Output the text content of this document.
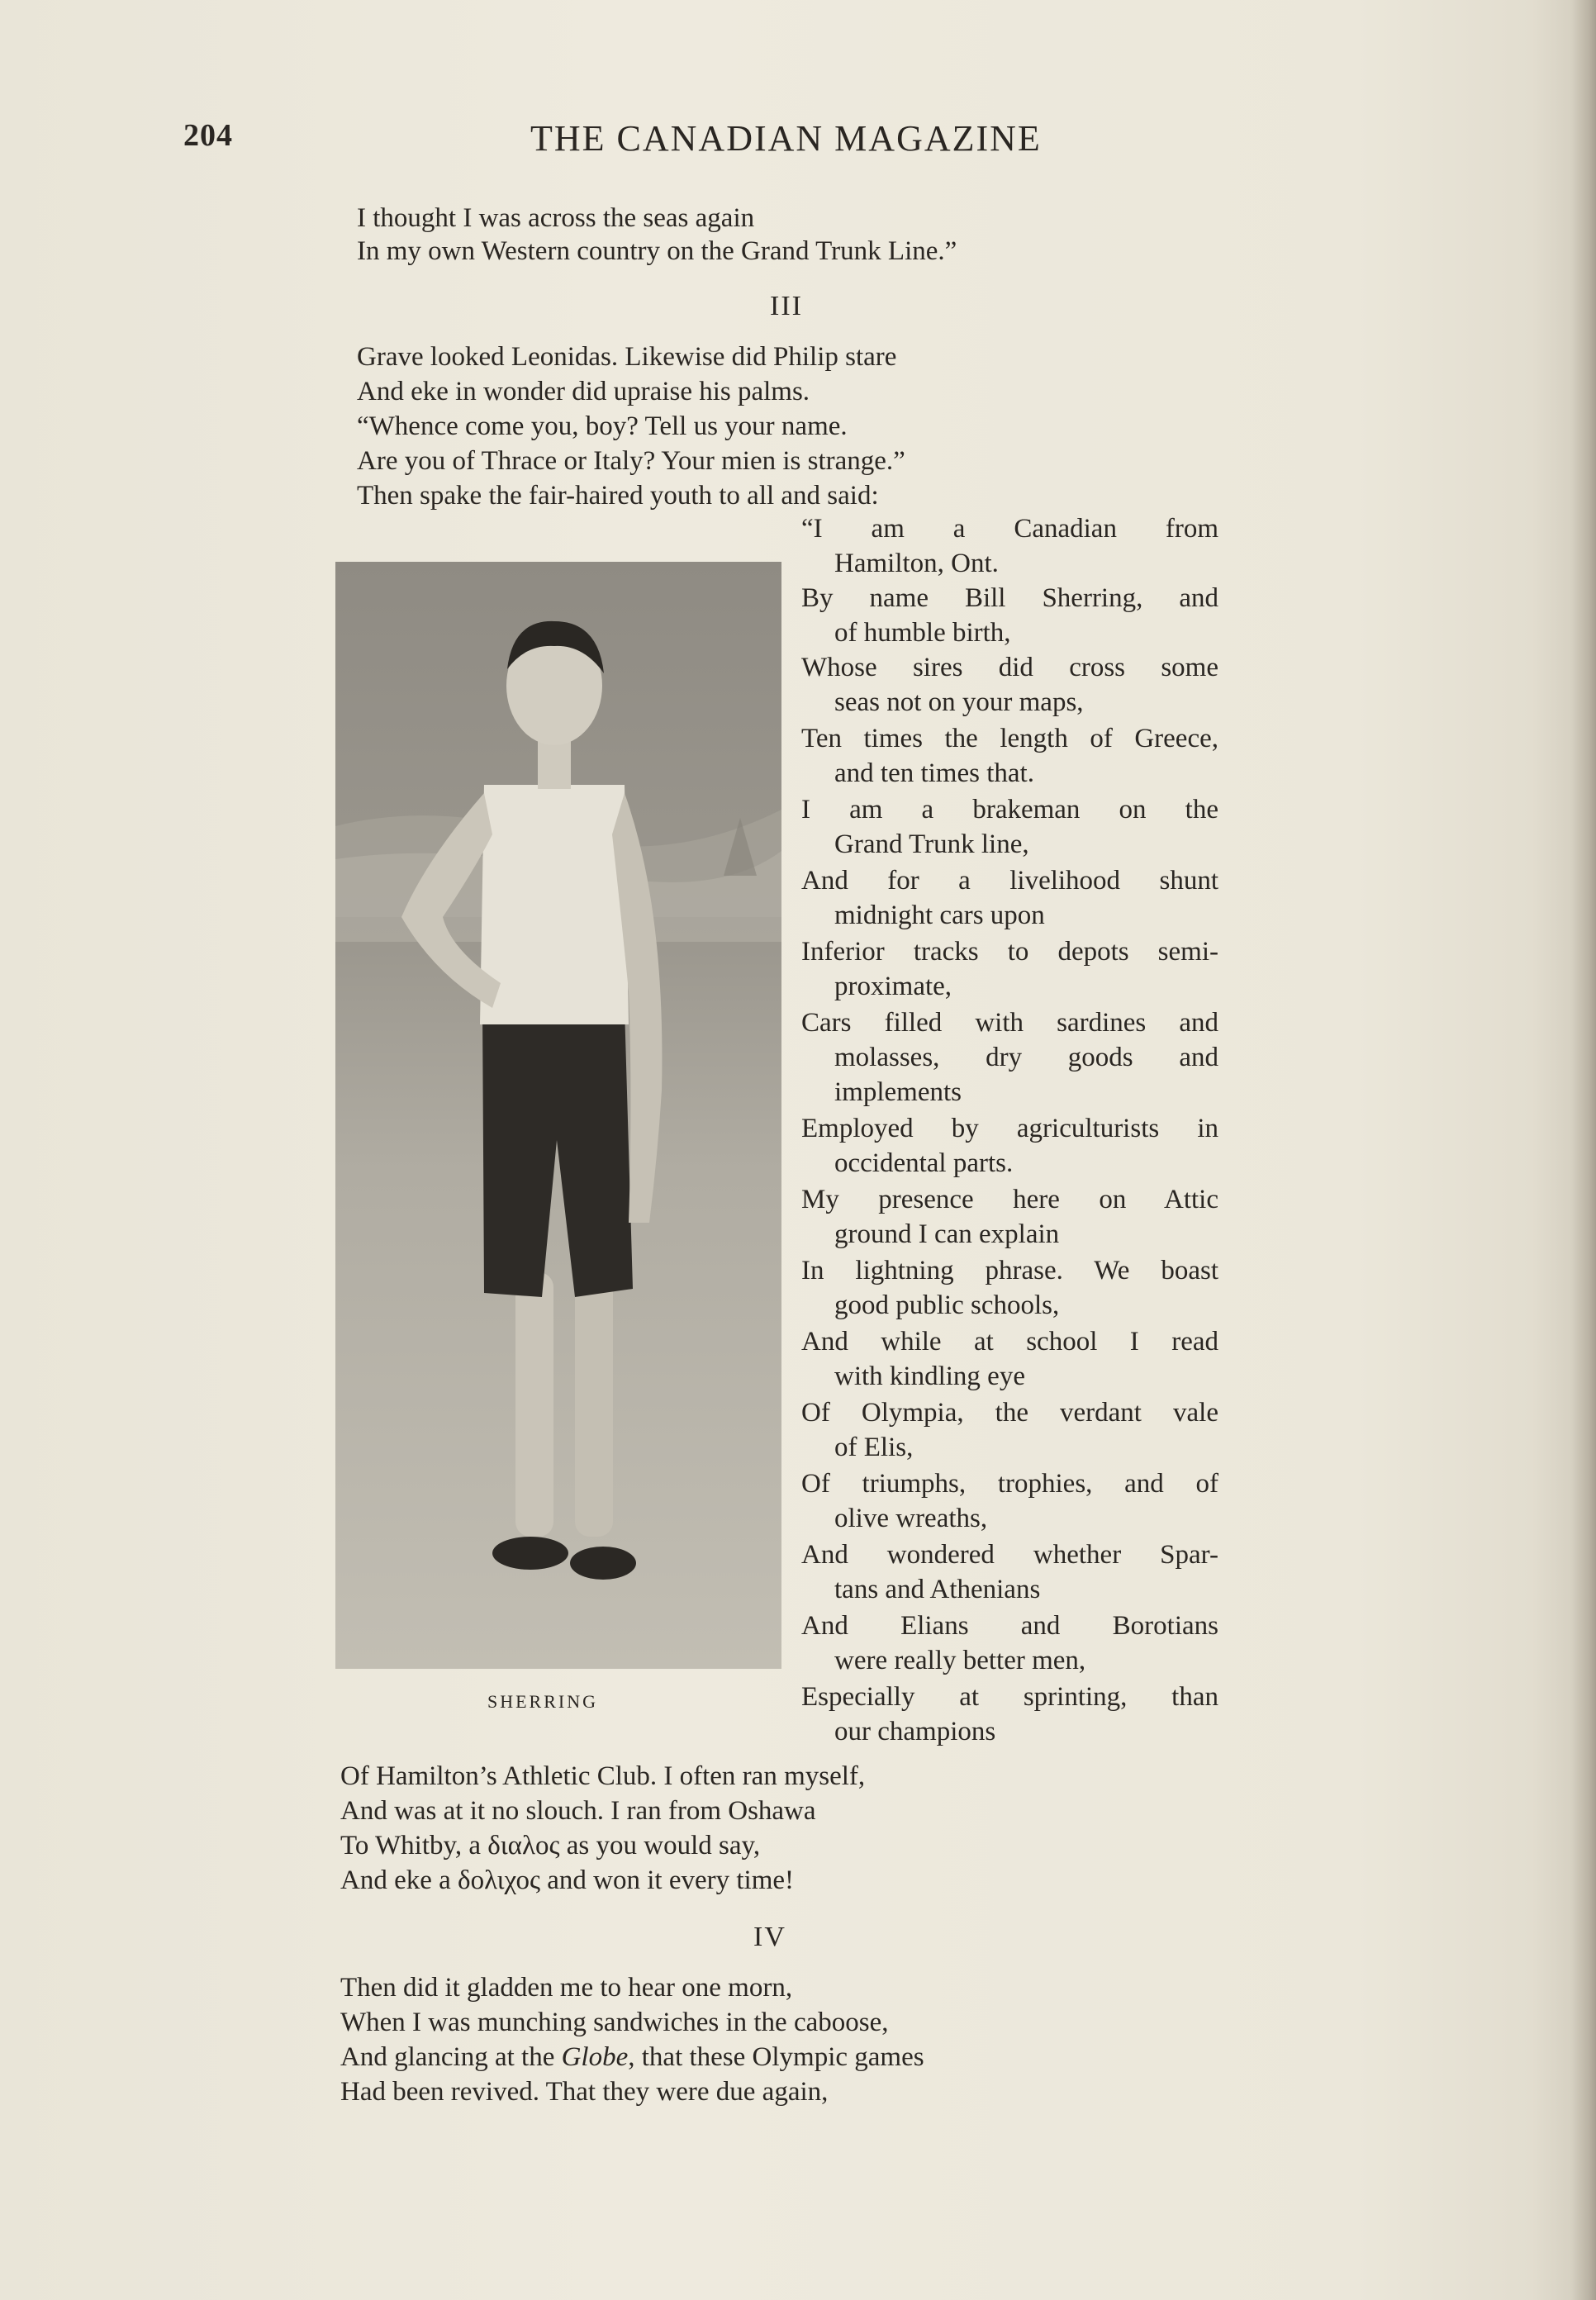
204	THE CANADIAN MAGAZINE
I thought I was across the seas again
In my own Western country on the Grand Trunk Line.”
III
Grave looked Leonidas. Likewise did Philip stare
And eke in wonder did upraise his palms.
“Whence come you, boy? Tell us your name.
Are you of Thrace or Italy? Your mien is strange.”
Then spake the fair-haired youth to all and said:
SHERRING
“I am a Canadian from
Hamilton, Ont.
By name Bill Sherring, and
of humble birth,
Whose sires did cross some
seas not on your maps,
Ten times the length of Greece,
and ten times that.
I am a brakeman on the
Grand Trunk line,
And for a livelihood shunt
midnight cars upon
Inferior tracks to depots semi-
proximate,
Cars filled with sardines and
molasses, dry goods and
implements
Employed by agriculturists in
occidental parts.
My presence here on Attic
ground I can explain
In lightning phrase. We boast
good public schools,
And while at school I read
with kindling eye
Of Olympia, the verdant vale
of Elis,
Of triumphs, trophies, and of
olive wreaths,
And wondered whether Spar-
tans and Athenians
And Elians and Borotians
were really better men,
Especially at sprinting, than
our champions
Of Hamilton’s Athletic Club. I often ran myself,
And was at it no slouch. I ran from Oshawa
To Whitby, a διαλος as you would say,
And eke a δολιχος and won it every time!
IV
Then did it gladden me to hear one morn,
When I was munching sandwiches in the caboose,
And glancing at the Globe, that these Olympic games
Had been revived. That they were due again,
